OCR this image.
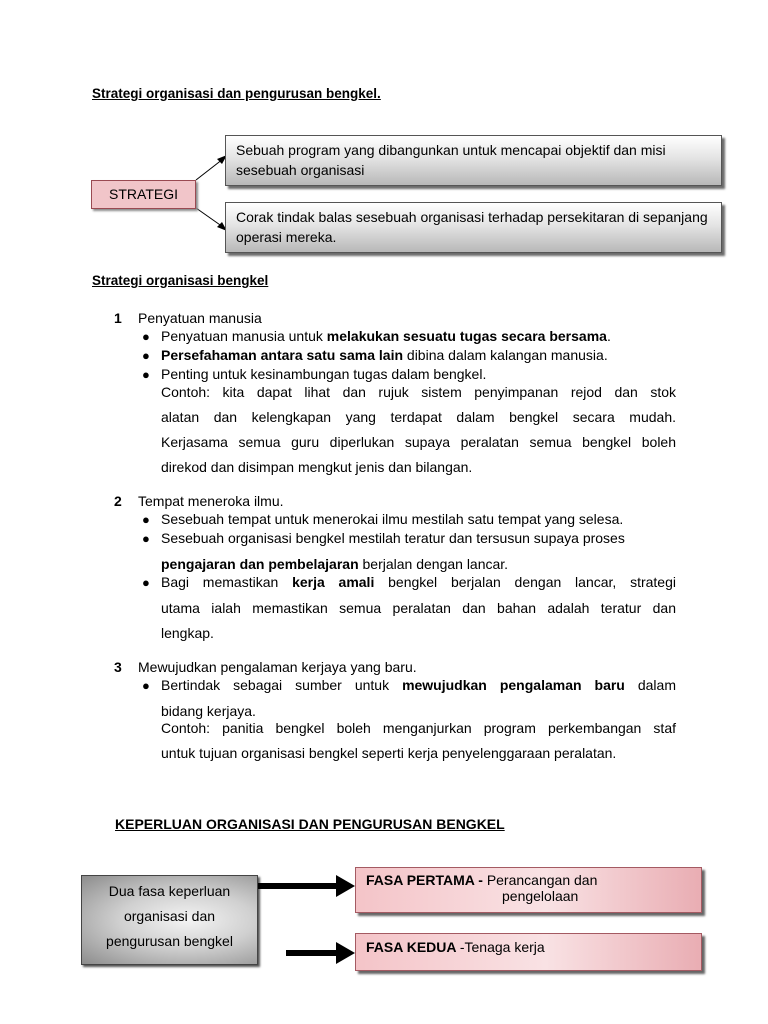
Strategi organisasi dan pengurusan bengkel.
STRATEGI
Sebuah program yang dibangunkan untuk mencapai objektif dan misi sesebuah organisasi
Corak tindak balas sesebuah organisasi terhadap persekitaran di sepanjang operasi mereka.
Strategi organisasi bengkel
1 Penyatuan manusia
● Penyatuan manusia untuk melakukan sesuatu tugas secara bersama.
● Persefahaman antara satu sama lain dibina dalam kalangan manusia.
● Penting untuk kesinambungan tugas dalam bengkel.
Contoh: kita dapat lihat dan rujuk sistem penyimpanan rejod dan stok
alatan dan kelengkapan yang terdapat dalam bengkel secara mudah.
Kerjasama semua guru diperlukan supaya peralatan semua bengkel boleh
direkod dan disimpan mengkut jenis dan bilangan.
2 Tempat meneroka ilmu.
● Sesebuah tempat untuk menerokai ilmu mestilah satu tempat yang selesa.
● Sesebuah organisasi bengkel mestilah teratur dan tersusun supaya proses
pengajaran dan pembelajaran berjalan dengan lancar.
● Bagi memastikan kerja amali bengkel berjalan dengan lancar, strategi
utama ialah memastikan semua peralatan dan bahan adalah teratur dan
lengkap.
3 Mewujudkan pengalaman kerjaya yang baru.
● Bertindak sebagai sumber untuk mewujudkan pengalaman baru dalam
bidang kerjaya.
Contoh: panitia bengkel boleh menganjurkan program perkembangan staf
untuk tujuan organisasi bengkel seperti kerja penyelenggaraan peralatan.
KEPERLUAN ORGANISASI DAN PENGURUSAN BENGKEL
Dua fasa keperluan
organisasi dan
pengurusan bengkel
FASA PERTAMA - Perancangan dan
pengelolaan
FASA KEDUA -Tenaga kerja
